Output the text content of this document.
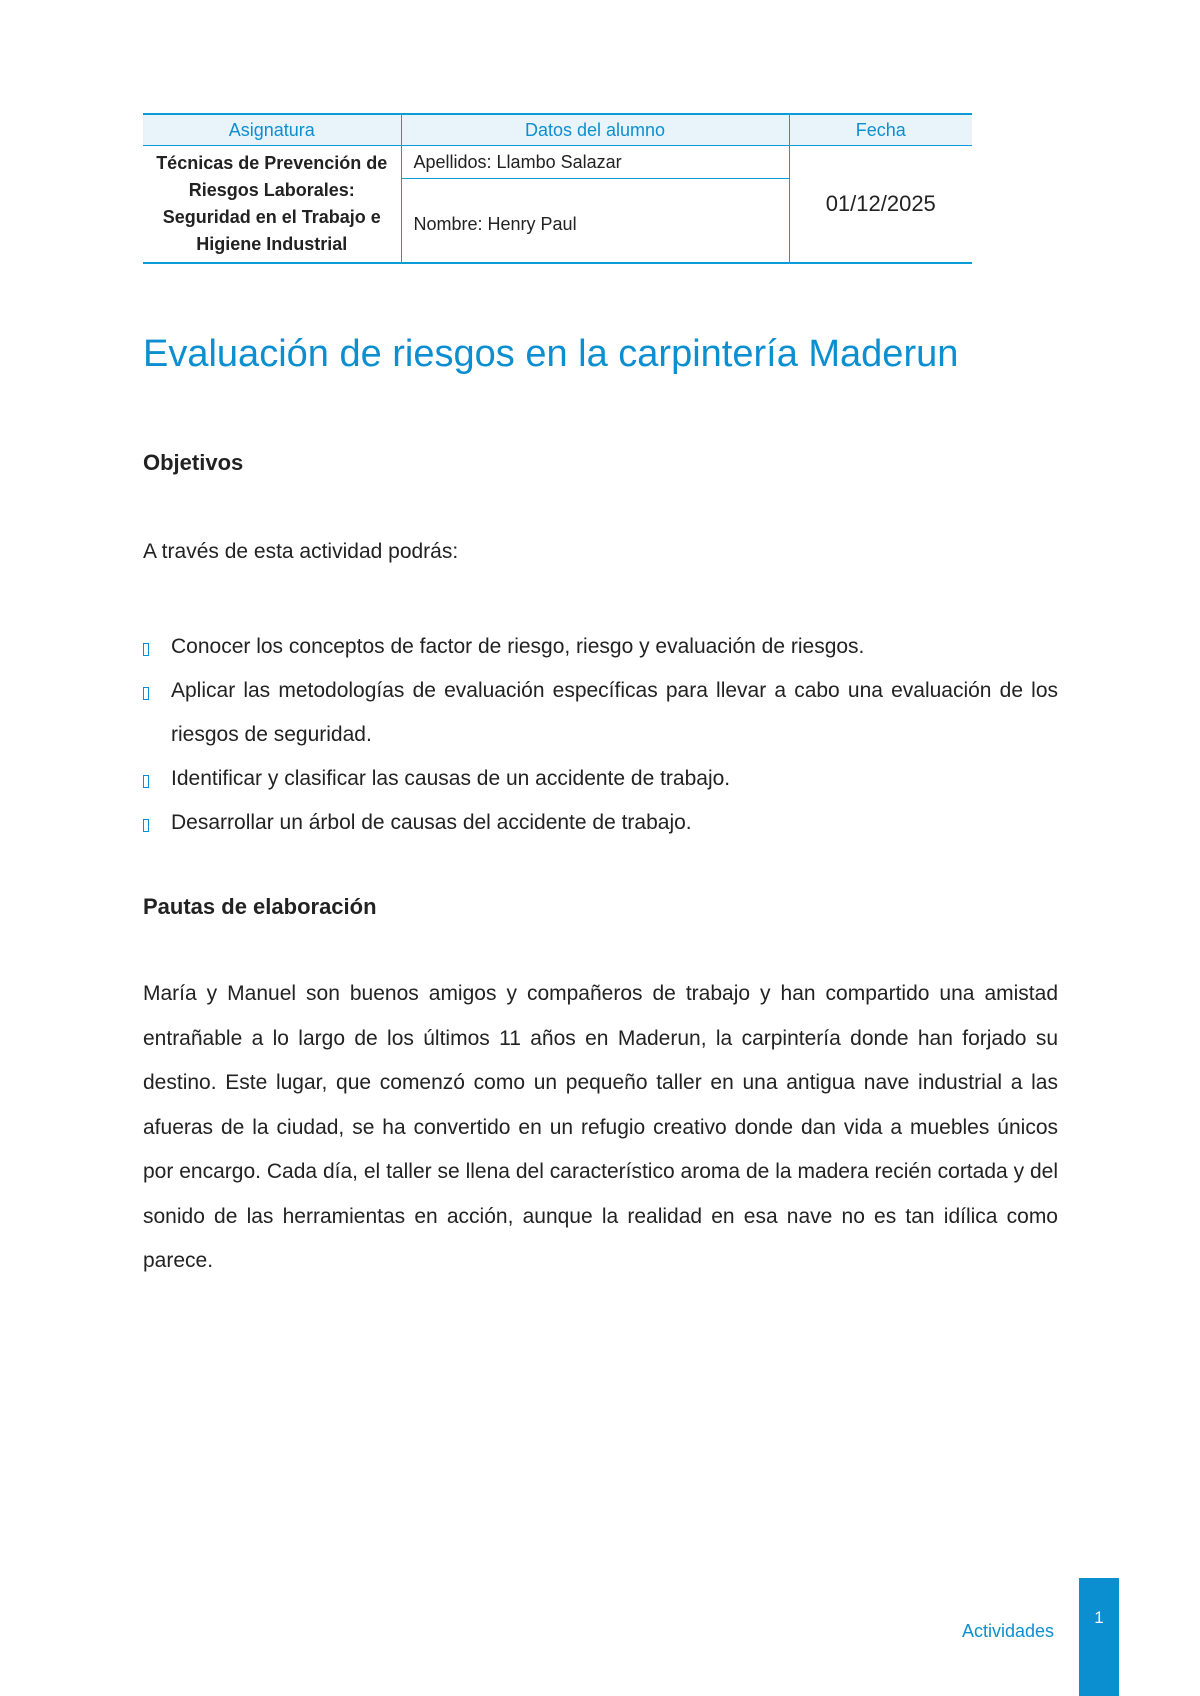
Asignatura	Datos del alumno	Fecha
Técnicas de Prevención de Riesgos Laborales: Seguridad en el Trabajo e Higiene Industrial	Apellidos: Llambo Salazar	01/12/2025
	Nombre: Henry Paul	
Evaluación de riesgos en la carpintería Maderun
Objetivos

A través de esta actividad podrás:

Conocer los conceptos de factor de riesgo, riesgo y evaluación de riesgos.
Aplicar las metodologías de evaluación específicas para llevar a cabo una evaluación de los riesgos de seguridad.
Identificar y clasificar las causas de un accidente de trabajo.
Desarrollar un árbol de causas del accidente de trabajo.
Pautas de elaboración

María y Manuel son buenos amigos y compañeros de trabajo y han compartido una amistad entrañable a lo largo de los últimos 11 años en Maderun, la carpintería donde han forjado su destino. Este lugar, que comenzó como un pequeño taller en una antigua nave industrial a las afueras de la ciudad, se ha convertido en un refugio creativo donde dan vida a muebles únicos por encargo. Cada día, el taller se llena del característico aroma de la madera recién cortada y del sonido de las herramientas en acción, aunque la realidad en esa nave no es tan idílica como parece.

Actividades
1
